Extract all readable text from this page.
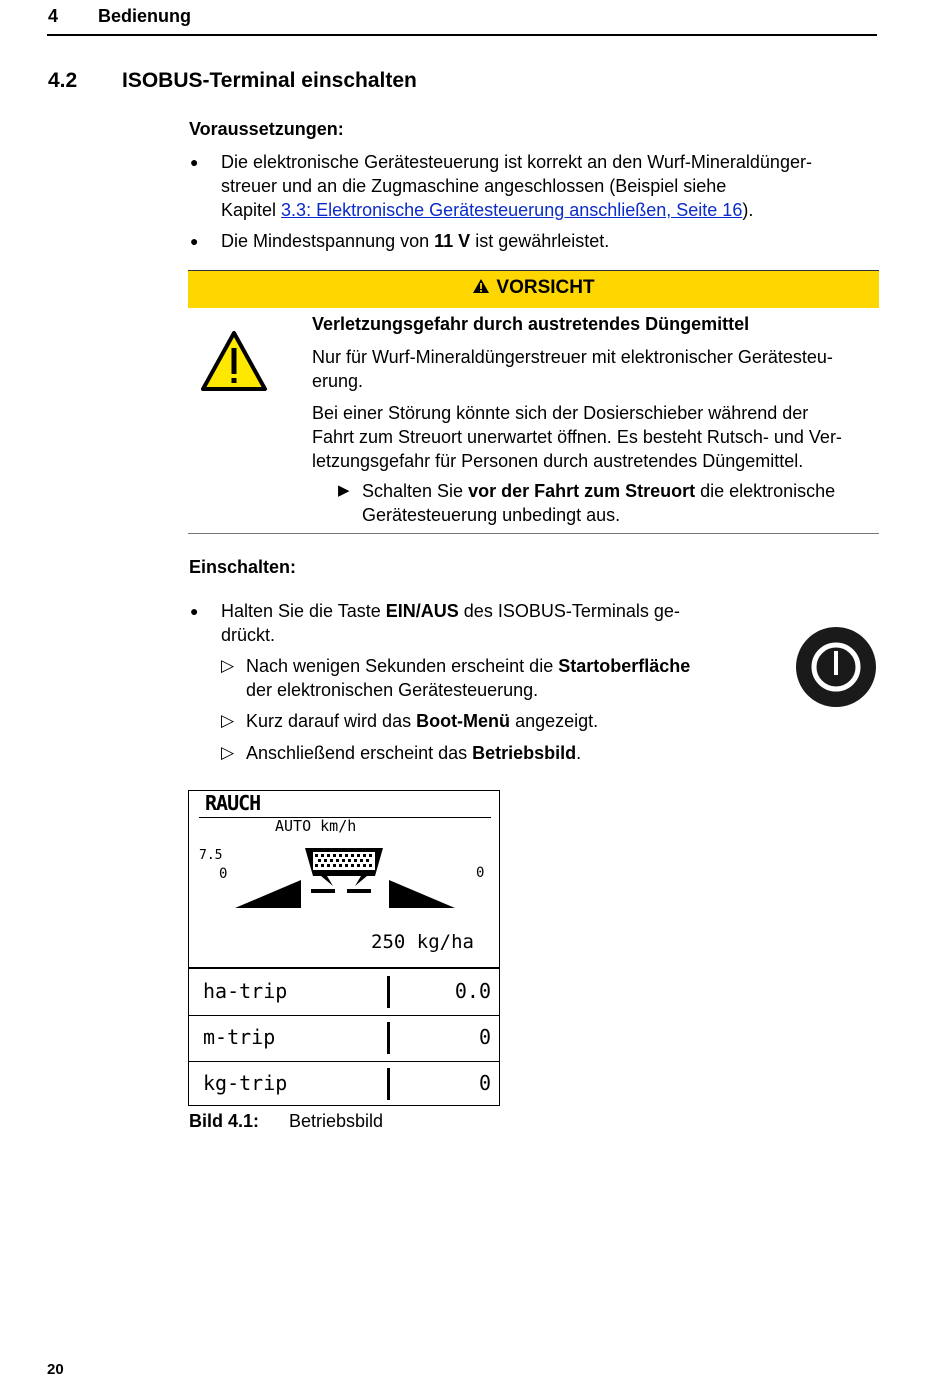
4 Bedienung
4.2 ISOBUS-Terminal einschalten
Voraussetzungen:
● Die elektronische Gerätesteuerung ist korrekt an den Wurf-Mineraldünger-
streuer und an die Zugmaschine angeschlossen (Beispiel siehe
Kapitel 3.3: Elektronische Gerätesteuerung anschließen, Seite 16).
● Die Mindestspannung von 11 V ist gewährleistet.
VORSICHT
Verletzungsgefahr durch austretendes Düngemittel
Nur für Wurf-Mineraldüngerstreuer mit elektronischer Gerätesteu-
erung.
Bei einer Störung könnte sich der Dosierschieber während der
Fahrt zum Streuort unerwartet öffnen. Es besteht Rutsch- und Ver-
letzungsgefahr für Personen durch austretendes Düngemittel.
▶ Schalten Sie vor der Fahrt zum Streuort die elektronische
Gerätesteuerung unbedingt aus.
Einschalten:
● Halten Sie die Taste EIN/AUS des ISOBUS-Terminals ge-
drückt.
▷ Nach wenigen Sekunden erscheint die Startoberfläche
der elektronischen Gerätesteuerung.
▷ Kurz darauf wird das Boot-Menü angezeigt.
▷ Anschließend erscheint das Betriebsbild.
RAUCH
AUTO km/h
7.5
0	0
250 kg/ha
ha-trip	0.0
m-trip	0
kg-trip	0
Bild 4.1: Betriebsbild
20
